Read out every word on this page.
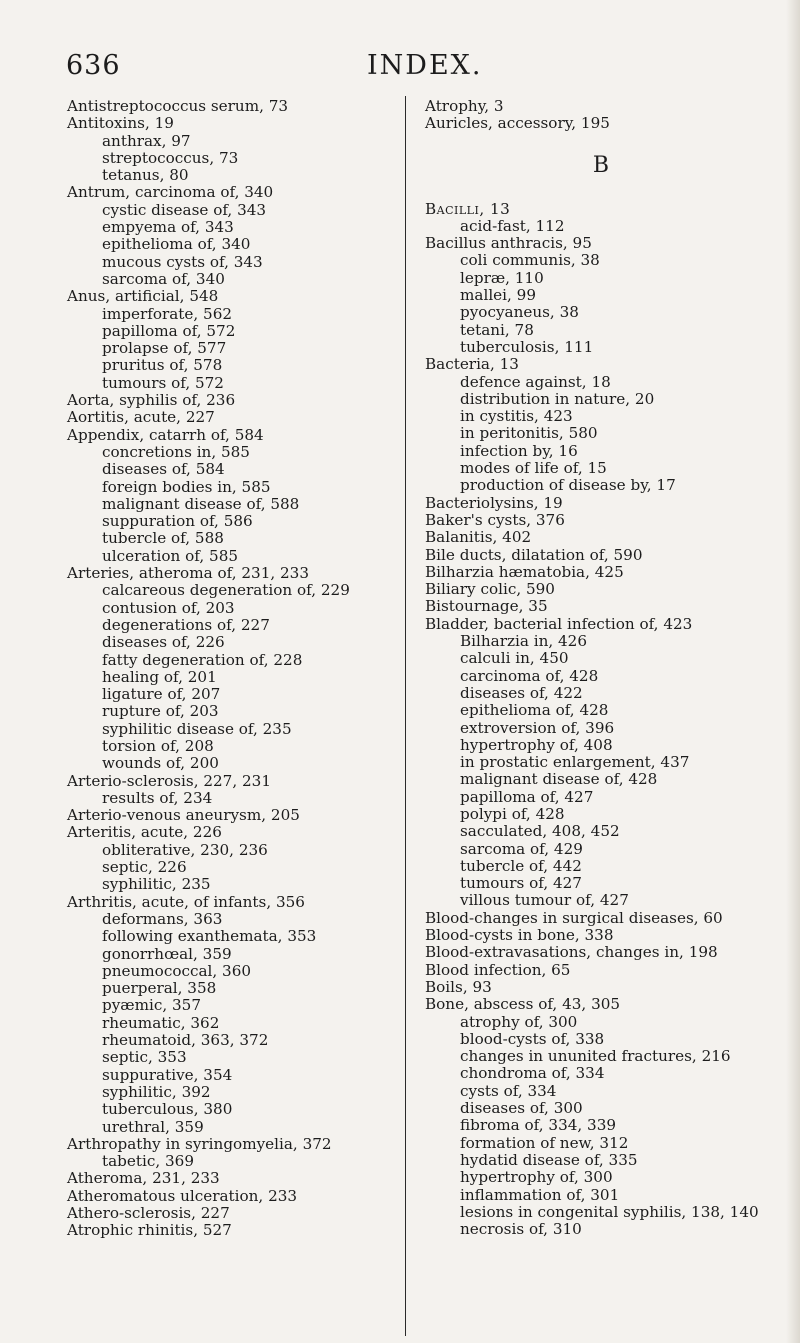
636	INDEX.
Antistreptococcus serum, 73
Antitoxins, 19
anthrax, 97
streptococcus, 73
tetanus, 80
Antrum, carcinoma of, 340
cystic disease of, 343
empyema of, 343
epithelioma of, 340
mucous cysts of, 343
sarcoma of, 340
Anus, artificial, 548
imperforate, 562
papilloma of, 572
prolapse of, 577
pruritus of, 578
tumours of, 572
Aorta, syphilis of, 236
Aortitis, acute, 227
Appendix, catarrh of, 584
concretions in, 585
diseases of, 584
foreign bodies in, 585
malignant disease of, 588
suppuration of, 586
tubercle of, 588
ulceration of, 585
Arteries, atheroma of, 231, 233
calcareous degeneration of, 229
contusion of, 203
degenerations of, 227
diseases of, 226
fatty degeneration of, 228
healing of, 201
ligature of, 207
rupture of, 203
syphilitic disease of, 235
torsion of, 208
wounds of, 200
Arterio-sclerosis, 227, 231
results of, 234
Arterio-venous aneurysm, 205
Arteritis, acute, 226
obliterative, 230, 236
septic, 226
syphilitic, 235
Arthritis, acute, of infants, 356
deformans, 363
following exanthemata, 353
gonorrhœal, 359
pneumococcal, 360
puerperal, 358
pyæmic, 357
rheumatic, 362
rheumatoid, 363, 372
septic, 353
suppurative, 354
syphilitic, 392
tuberculous, 380
urethral, 359
Arthropathy in syringomyelia, 372
tabetic, 369
Atheroma, 231, 233
Atheromatous ulceration, 233
Athero-sclerosis, 227
Atrophic rhinitis, 527
Atrophy, 3
Auricles, accessory, 195
B
Bacilli, 13
acid-fast, 112
Bacillus anthracis, 95
coli communis, 38
lepræ, 110
mallei, 99
pyocyaneus, 38
tetani, 78
tuberculosis, 111
Bacteria, 13
defence against, 18
distribution in nature, 20
in cystitis, 423
in peritonitis, 580
infection by, 16
modes of life of, 15
production of disease by, 17
Bacteriolysins, 19
Baker's cysts, 376
Balanitis, 402
Bile ducts, dilatation of, 590
Bilharzia hæmatobia, 425
Biliary colic, 590
Bistournage, 35
Bladder, bacterial infection of, 423
Bilharzia in, 426
calculi in, 450
carcinoma of, 428
diseases of, 422
epithelioma of, 428
extroversion of, 396
hypertrophy of, 408
in prostatic enlargement, 437
malignant disease of, 428
papilloma of, 427
polypi of, 428
sacculated, 408, 452
sarcoma of, 429
tubercle of, 442
tumours of, 427
villous tumour of, 427
Blood-changes in surgical diseases, 60
Blood-cysts in bone, 338
Blood-extravasations, changes in, 198
Blood infection, 65
Boils, 93
Bone, abscess of, 43, 305
atrophy of, 300
blood-cysts of, 338
changes in ununited fractures, 216
chondroma of, 334
cysts of, 334
diseases of, 300
fibroma of, 334, 339
formation of new, 312
hydatid disease of, 335
hypertrophy of, 300
inflammation of, 301
lesions in congenital syphilis, 138, 140
necrosis of, 310
